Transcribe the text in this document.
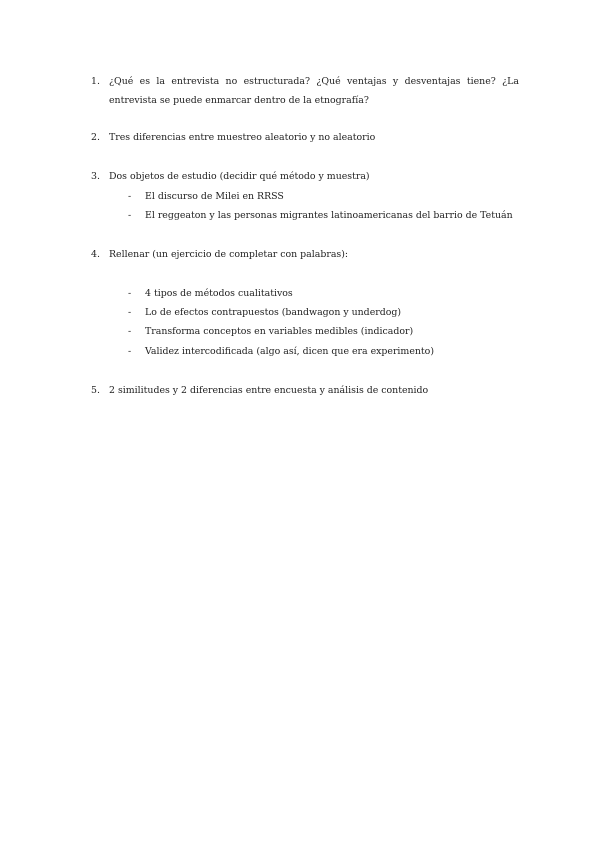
1. ¿Qué es la entrevista no estructurada? ¿Qué ventajas y desventajas tiene? ¿La
entrevista se puede enmarcar dentro de la etnografía?
2. Tres diferencias entre muestreo aleatorio y no aleatorio
3. Dos objetos de estudio (decidir qué método y muestra)
- El discurso de Milei en RRSS
- El reggeaton y las personas migrantes latinoamericanas del barrio de Tetuán
4. Rellenar (un ejercicio de completar con palabras):
- 4 tipos de métodos cualitativos
- Lo de efectos contrapuestos (bandwagon y underdog)
- Transforma conceptos en variables medibles (indicador)
- Validez intercodificada (algo así, dicen que era experimento)
5. 2 similitudes y 2 diferencias entre encuesta y análisis de contenido
